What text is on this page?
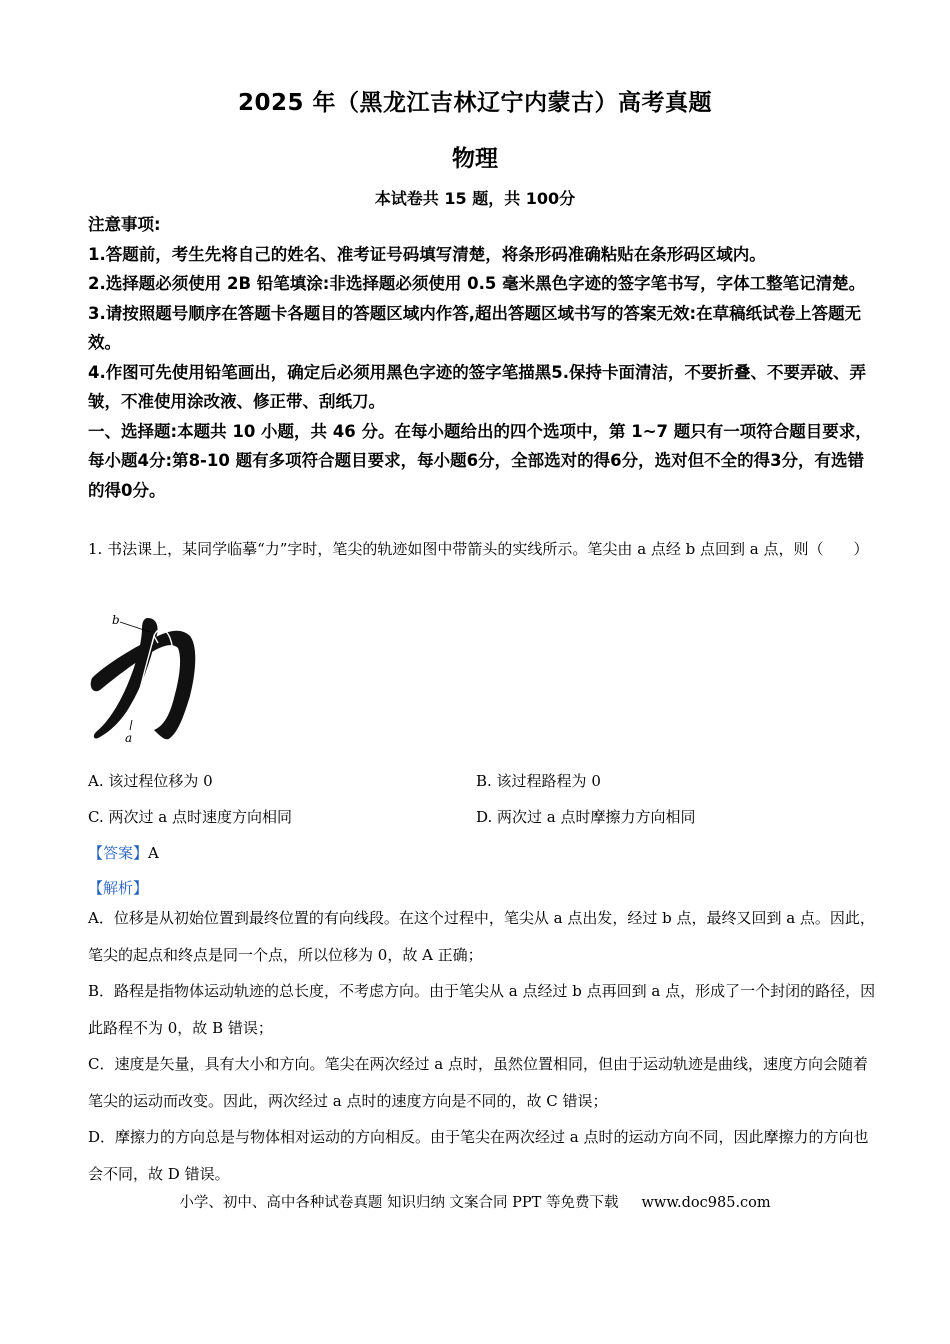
2025 年（黑龙江吉林辽宁内蒙古）高考真题
物理
本试卷共 15 题，共 100分

注意事项:

1.答题前，考生先将自己的姓名、准考证号码填写清楚，将条形码准确粘贴在条形码区域内。

2.选择题必须使用 2B 铅笔填涂:非选择题必须使用 0.5 毫米黑色字迹的签字笔书写，字体工整笔记清楚。

3.请按照题号顺序在答题卡各题目的答题区域内作答,超出答题区域书写的答案无效:在草稿纸试卷上答题无效。

4.作图可先使用铅笔画出，确定后必须用黑色字迹的签字笔描黑5.保持卡面清洁，不要折叠、不要弄破、弄皱，不准使用涂改液、修正带、刮纸刀。

一、选择题:本题共 10 小题，共 46 分。在每小题给出的四个选项中，第 1~7 题只有一项符合题目要求，每小题4分:第8-10 题有多项符合题目要求，每小题6分，全部选对的得6分，选对但不全的得3分，有选错的得0分。

1. 书法课上，某同学临摹“力”字时，笔尖的轨迹如图中带箭头的实线所示。笔尖由 a 点经 b 点回到 a 点，则（　　）

b
a
A. 该过程位移为 0	B. 该过程路程为 0
C. 两次过 a 点时速度方向相同	D. 两次过 a 点时摩擦力方向相同
【答案】A
【解析】

A．位移是从初始位置到最终位置的有向线段。在这个过程中，笔尖从 a 点出发，经过 b 点，最终又回到 a 点。因此，笔尖的起点和终点是同一个点，所以位移为 0，故 A 正确；

B．路程是指物体运动轨迹的总长度，不考虑方向。由于笔尖从 a 点经过 b 点再回到 a 点，形成了一个封闭的路径，因此路程不为 0，故 B 错误；

C．速度是矢量，具有大小和方向。笔尖在两次经过 a 点时，虽然位置相同，但由于运动轨迹是曲线，速度方向会随着笔尖的运动而改变。因此，两次经过 a 点时的速度方向是不同的，故 C 错误；

D．摩擦力的方向总是与物体相对运动的方向相反。由于笔尖在两次经过 a 点时的运动方向不同，因此摩擦力的方向也会不同，故 D 错误。

小学、初中、高中各种试卷真题 知识归纳 文案合同 PPT 等免费下载 www.doc985.com
